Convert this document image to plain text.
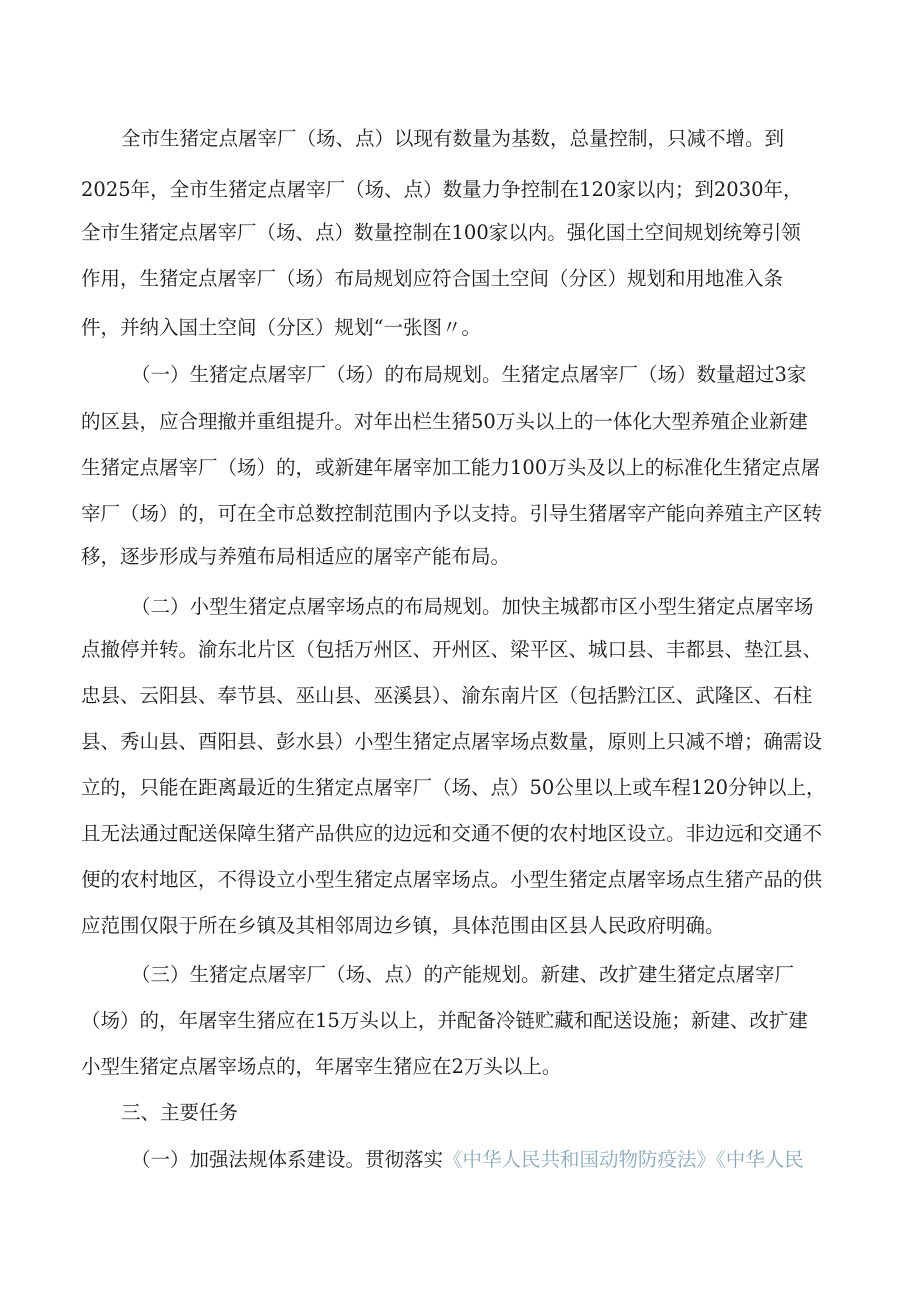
全市生猪定点屠宰厂（场、点）以现有数量为基数，总量控制，只减不增。到
2025年，全市生猪定点屠宰厂（场、点）数量力争控制在120家以内；到2030年，
全市生猪定点屠宰厂（场、点）数量控制在100家以内。强化国土空间规划统筹引领
作用，生猪定点屠宰厂（场）布局规划应符合国土空间（分区）规划和用地准入条
件，并纳入国土空间（分区）规划“一张图〃。
（一）生猪定点屠宰厂（场）的布局规划。生猪定点屠宰厂（场）数量超过3家
的区县，应合理撤并重组提升。对年出栏生猪50万头以上的一体化大型养殖企业新建
生猪定点屠宰厂（场）的，或新建年屠宰加工能力100万头及以上的标准化生猪定点屠
宰厂（场）的，可在全市总数控制范围内予以支持。引导生猪屠宰产能向养殖主产区转
移，逐步形成与养殖布局相适应的屠宰产能布局。
（二）小型生猪定点屠宰场点的布局规划。加快主城都市区小型生猪定点屠宰场
点撤停并转。渝东北片区（包括万州区、开州区、梁平区、城口县、丰都县、垫江县、
忠县、云阳县、奉节县、巫山县、巫溪县）、渝东南片区（包括黔江区、武隆区、石柱
县、秀山县、酉阳县、彭水县）小型生猪定点屠宰场点数量，原则上只减不增；确需设
立的，只能在距离最近的生猪定点屠宰厂（场、点）50公里以上或车程120分钟以上，
且无法通过配送保障生猪产品供应的边远和交通不便的农村地区设立。非边远和交通不
便的农村地区，不得设立小型生猪定点屠宰场点。小型生猪定点屠宰场点生猪产品的供
应范围仅限于所在乡镇及其相邻周边乡镇，具体范围由区县人民政府明确。
（三）生猪定点屠宰厂（场、点）的产能规划。新建、改扩建生猪定点屠宰厂
（场）的，年屠宰生猪应在15万头以上，并配备冷链贮藏和配送设施；新建、改扩建
小型生猪定点屠宰场点的，年屠宰生猪应在2万头以上。
三、主要任务
（一）加强法规体系建设。贯彻落实《中华人民共和国动物防疫法》《中华人民
